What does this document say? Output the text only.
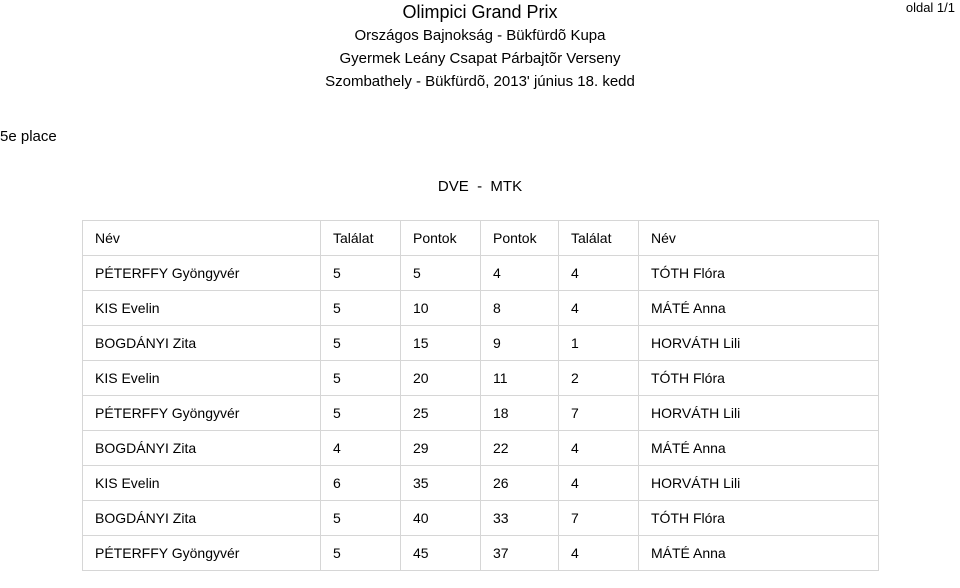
Olimpici Grand Prix
Országos Bajnokság - Bükfürdõ Kupa
Gyermek Leány Csapat Párbajtõr Verseny
Szombathely - Bükfürdõ, 2013' június 18. kedd
oldal 1/1
5e place
DVE  -  MTK
Név	Találat	Pontok	Pontok	Találat	Név
PÉTERFFY Gyöngyvér	5	5	4	4	TÓTH Flóra
KIS Evelin	5	10	8	4	MÁTÉ Anna
BOGDÁNYI Zita	5	15	9	1	HORVÁTH Lili
KIS Evelin	5	20	11	2	TÓTH Flóra
PÉTERFFY Gyöngyvér	5	25	18	7	HORVÁTH Lili
BOGDÁNYI Zita	4	29	22	4	MÁTÉ Anna
KIS Evelin	6	35	26	4	HORVÁTH Lili
BOGDÁNYI Zita	5	40	33	7	TÓTH Flóra
PÉTERFFY Gyöngyvér	5	45	37	4	MÁTÉ Anna
